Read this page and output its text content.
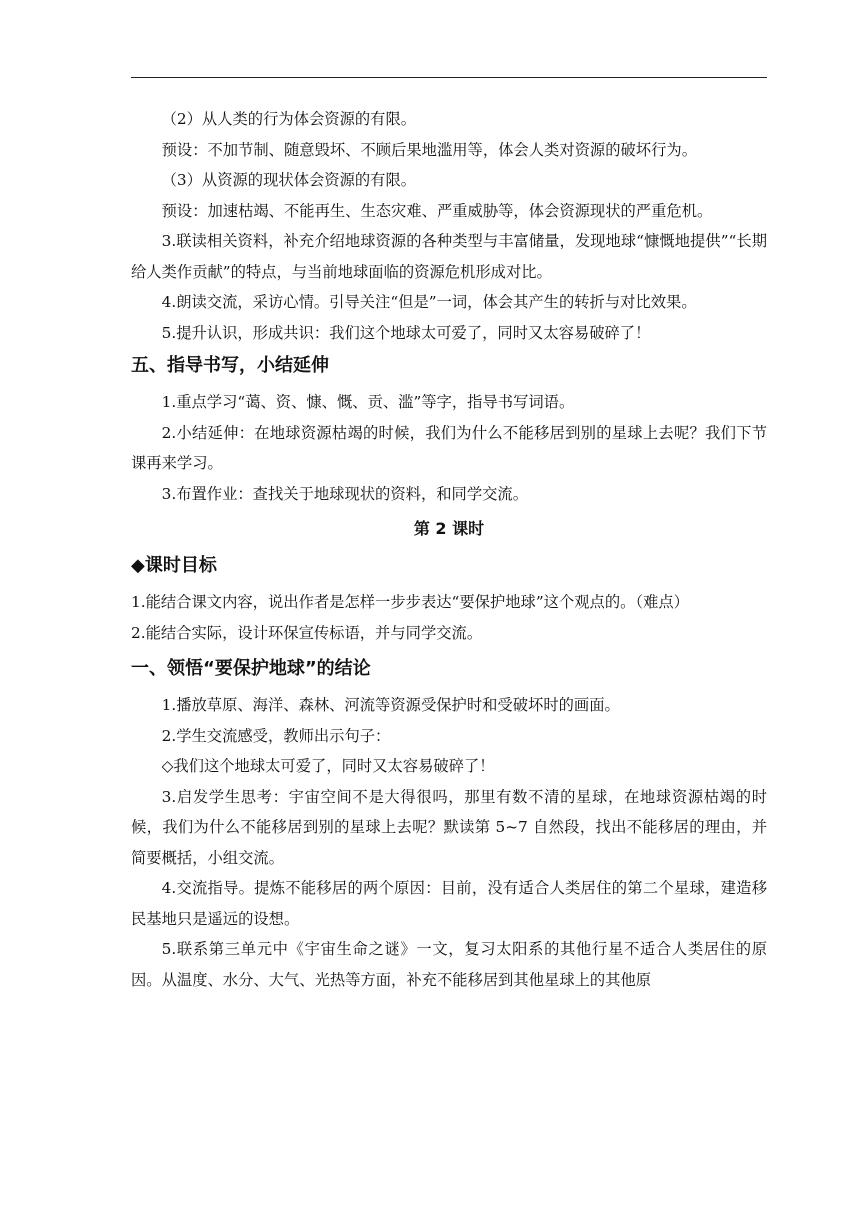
（2）从人类的行为体会资源的有限。

预设：不加节制、随意毁坏、不顾后果地滥用等，体会人类对资源的破坏行为。

（3）从资源的现状体会资源的有限。

预设：加速枯竭、不能再生、生态灾难、严重威胁等，体会资源现状的严重危机。

3.联读相关资料，补充介绍地球资源的各种类型与丰富储量，发现地球“慷慨地提供”“长期给人类作贡献”的特点，与当前地球面临的资源危机形成对比。

4.朗读交流，采访心情。引导关注“但是”一词，体会其产生的转折与对比效果。

5.提升认识，形成共识：我们这个地球太可爱了，同时又太容易破碎了！

五、指导书写，小结延伸

1.重点学习“蔼、资、慷、慨、贡、滥”等字，指导书写词语。

2.小结延伸：在地球资源枯竭的时候，我们为什么不能移居到别的星球上去呢？我们下节课再来学习。

3.布置作业：查找关于地球现状的资料，和同学交流。

第 2 课时
◆课时目标

1.能结合课文内容，说出作者是怎样一步步表达“要保护地球”这个观点的。（难点）

2.能结合实际，设计环保宣传标语，并与同学交流。

一、领悟“要保护地球”的结论

1.播放草原、海洋、森林、河流等资源受保护时和受破坏时的画面。

2.学生交流感受，教师出示句子：

◇我们这个地球太可爱了，同时又太容易破碎了！

3.启发学生思考：宇宙空间不是大得很吗，那里有数不清的星球，在地球资源枯竭的时候，我们为什么不能移居到别的星球上去呢？默读第 5~7 自然段，找出不能移居的理由，并简要概括，小组交流。

4.交流指导。提炼不能移居的两个原因：目前，没有适合人类居住的第二个星球，建造移民基地只是遥远的设想。

5.联系第三单元中《宇宙生命之谜》一文，复习太阳系的其他行星不适合人类居住的原因。从温度、水分、大气、光热等方面，补充不能移居到其他星球上的其他原
